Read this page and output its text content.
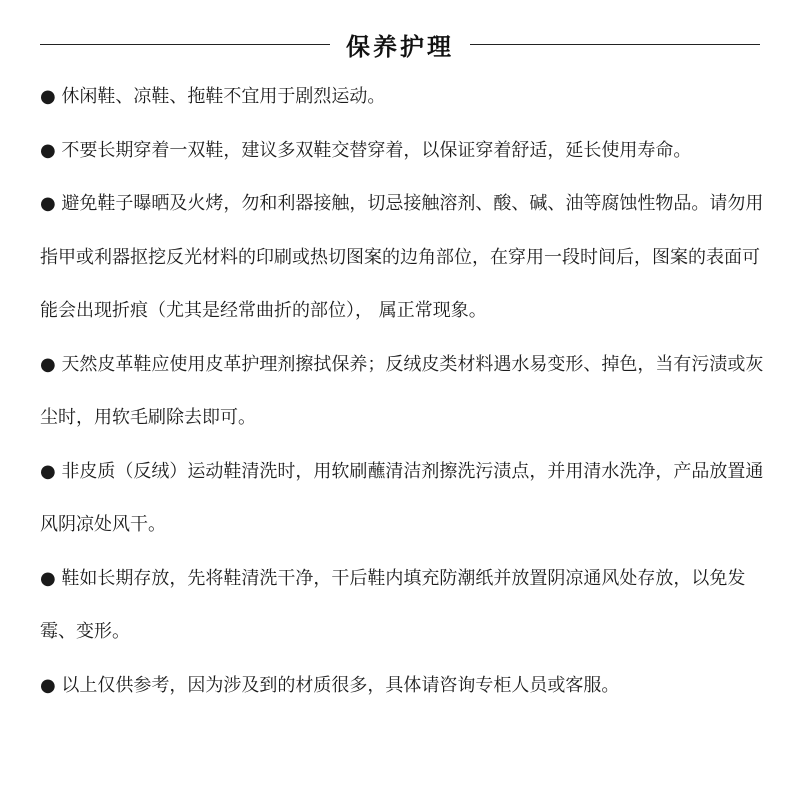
保养护理

● 休闲鞋、凉鞋、拖鞋不宜用于剧烈运动。

● 不要长期穿着一双鞋，建议多双鞋交替穿着，以保证穿着舒适，延长使用寿命。

● 避免鞋子曝晒及火烤，勿和利器接触，切忌接触溶剂、酸、碱、油等腐蚀性物品。请勿用指甲或利器抠挖反光材料的印刷或热切图案的边角部位，在穿用一段时间后，图案的表面可能会出现折痕（尤其是经常曲折的部位）， 属正常现象。

● 天然皮革鞋应使用皮革护理剂擦拭保养；反绒皮类材料遇水易变形、掉色，当有污渍或灰尘时，用软毛刷除去即可。

● 非皮质（反绒）运动鞋清洗时，用软刷蘸清洁剂擦洗污渍点，并用清水洗净，产品放置通风阴凉处风干。

● 鞋如长期存放，先将鞋清洗干净，干后鞋内填充防潮纸并放置阴凉通风处存放，以免发霉、变形。

● 以上仅供参考，因为涉及到的材质很多，具体请咨询专柜人员或客服。
